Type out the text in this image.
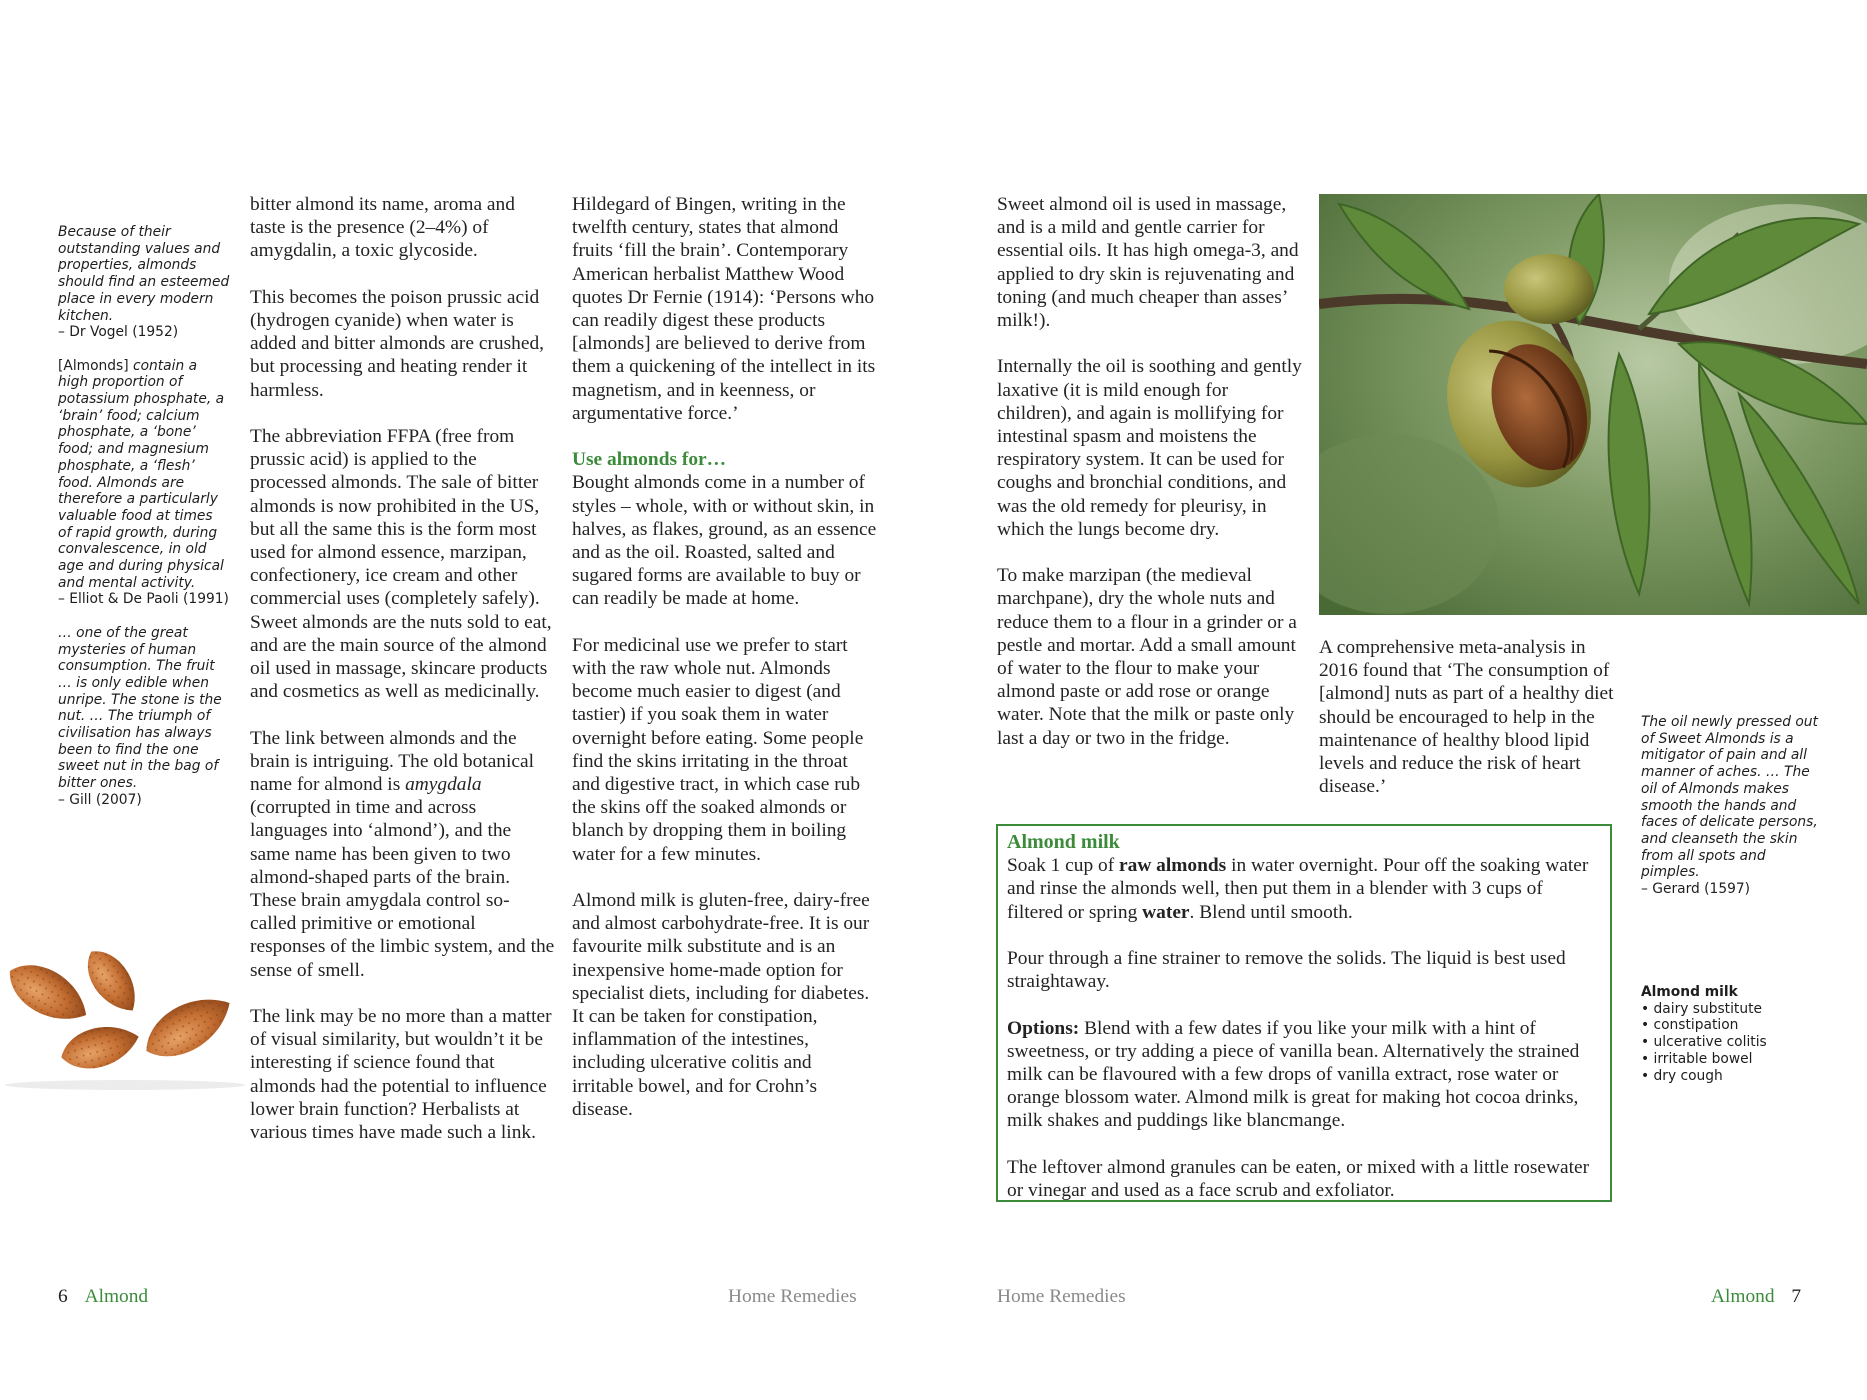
Because of their outstanding values and properties, almonds should find an esteemed place in every modern kitchen.
– Dr Vogel (1952)

[Almonds] contain a high proportion of potassium phosphate, a ‘brain’ food; calcium phosphate, a ‘bone’ food; and magnesium phosphate, a ‘flesh’ food. Almonds are therefore a particularly valuable food at times of rapid growth, during convalescence, in old age and during physical and mental activity.
– Elliot & De Paoli (1991)

… one of the great mysteries of human consumption. The fruit … is only edible when unripe. The stone is the nut. … The triumph of civilisation has always been to find the one sweet nut in the bag of bitter ones.
– Gill (2007)

bitter almond its name, aroma and taste is the presence (2–4%) of amygdalin, a toxic glycoside.

This becomes the poison prussic acid (hydrogen cyanide) when water is added and bitter almonds are crushed, but processing and heating render it harmless.

The abbreviation FFPA (free from prussic acid) is applied to the processed almonds. The sale of bitter almonds is now prohibited in the US, but all the same this is the form most used for almond essence, marzipan, confectionery, ice cream and other commercial uses (completely safely). Sweet almonds are the nuts sold to eat, and are the main source of the almond oil used in massage, skincare products and cosmetics as well as medicinally.

The link between almonds and the brain is intriguing. The old botanical name for almond is amygdala (corrupted in time and across languages into ‘almond’), and the same name has been given to two almond-shaped parts of the brain. These brain amygdala control so-called primitive or emotional responses of the limbic system, and the sense of smell.

The link may be no more than a matter of visual similarity, but wouldn’t it be interesting if science found that almonds had the potential to influence lower brain function? Herbalists at various times have made such a link.

Hildegard of Bingen, writing in the twelfth century, states that almond fruits ‘fill the brain’. Contemporary American herbalist Matthew Wood quotes Dr Fernie (1914): ‘Persons who can readily digest these products [almonds] are believed to derive from them a quickening of the intellect in its magnetism, and in keenness, or argumentative force.’

Use almonds for…
Bought almonds come in a number of styles – whole, with or without skin, in halves, as flakes, ground, as an essence and as the oil. Roasted, salted and sugared forms are available to buy or can readily be made at home.

For medicinal use we prefer to start with the raw whole nut. Almonds become much easier to digest (and tastier) if you soak them in water overnight before eating. Some people find the skins irritating in the throat and digestive tract, in which case rub the skins off the soaked almonds or blanch by dropping them in boiling water for a few minutes.

Almond milk is gluten-free, dairy-free and almost carbohydrate-free. It is our favourite milk substitute and is an inexpensive home-made option for specialist diets, including for diabetes.

It can be taken for constipation, inflammation of the intestines, including ulcerative colitis and irritable bowel, and for Crohn’s disease.

Sweet almond oil is used in massage, and is a mild and gentle carrier for essential oils. It has high omega-3, and applied to dry skin is rejuvenating and toning (and much cheaper than asses’ milk!).

Internally the oil is soothing and gently laxative (it is mild enough for children), and again is mollifying for intestinal spasm and moistens the respiratory system. It can be used for coughs and bronchial conditions, and was the old remedy for pleurisy, in which the lungs become dry.

To make marzipan (the medieval marchpane), dry the whole nuts and reduce them to a flour in a grinder or a pestle and mortar. Add a small amount of water to the flour to make your almond paste or add rose or orange water. Note that the milk or paste only last a day or two in the fridge.

A comprehensive meta-analysis in 2016 found that ‘The consumption of [almond] nuts as part of a healthy diet should be encouraged to help in the maintenance of healthy blood lipid levels and reduce the risk of heart disease.’

Almond milk

Soak 1 cup of raw almonds in water overnight. Pour off the soaking water and rinse the almonds well, then put them in a blender with 3 cups of filtered or spring water. Blend until smooth.

Pour through a fine strainer to remove the solids. The liquid is best used straightaway.

Options: Blend with a few dates if you like your milk with a hint of sweetness, or try adding a piece of vanilla bean. Alternatively the strained milk can be flavoured with a few drops of vanilla extract, rose water or orange blossom water. Almond milk is great for making hot cocoa drinks, milk shakes and puddings like blancmange.

The leftover almond granules can be eaten, or mixed with a little rosewater or vinegar and used as a face scrub and exfoliator.

The oil newly pressed out of Sweet Almonds is a mitigator of pain and all manner of aches. … The oil of Almonds makes smooth the hands and faces of delicate persons, and cleanseth the skin from all spots and pimples.
– Gerard (1597)

Almond milk
• dairy substitute
• constipation
• ulcerative colitis
• irritable bowel
• dry cough
6 Almond	Home Remedies	Home Remedies	Almond 7
